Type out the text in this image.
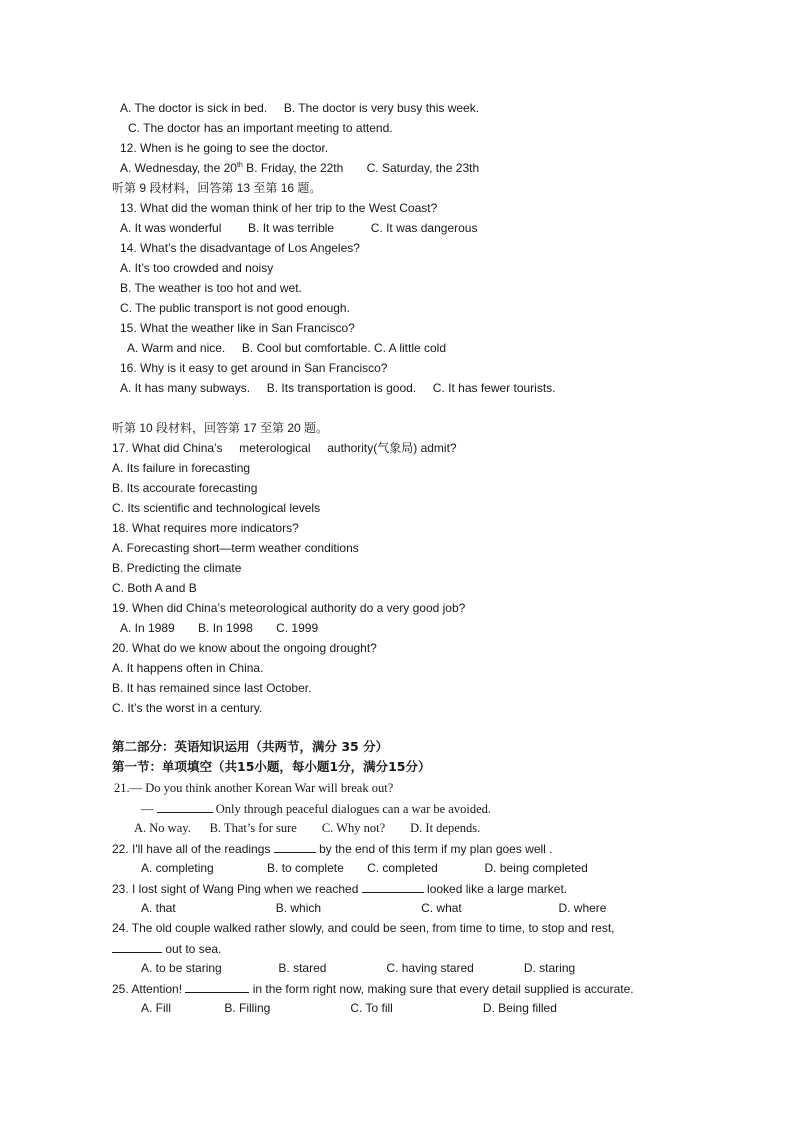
A. The doctor is sick in bed.     B. The doctor is very busy this week.
C. The doctor has an important meeting to attend.
12. When is he going to see the doctor.
A. Wednesday, the 20th B. Friday, the 22th       C. Saturday, the 23th
听第 9 段材料，回答第 13 至第 16 题。
13. What did the woman think of her trip to the West Coast?
A. It was wonderful        B. It was terrible           C. It was dangerous
14. What’s the disadvantage of Los Angeles?
A. It’s too crowded and noisy
B. The weather is too hot and wet.
C. The public transport is not good enough.
15. What the weather like in San Francisco?
A. Warm and nice.     B. Cool but comfortable. C. A little cold
16. Why is it easy to get around in San Francisco?
A. It has many subways.     B. Its transportation is good.     C. It has fewer tourists.
听第 10 段材料，回答第 17 至第 20 题。
17. What did China’s     meterological     authority(气象局) admit?
A. Its failure in forecasting
B. Its accourate forecasting
C. Its scientific and technological levels
18. What requires more indicators?
A. Forecasting short—term weather conditions
B. Predicting the climate
C. Both A and B
19. When did China’s meteorological authority do a very good job?
A. In 1989       B. In 1998       C. 1999
20. What do we know about the ongoing drought?
A. It happens often in China.
B. It has remained since last October.
C. It’s the worst in a century.
第二部分：英语知识运用（共两节，满分 35 分）
第一节：单项填空（共15小题，每小题1分，满分15分）
21.— Do you think another Korean War will break out?
—	Only through peaceful dialogues can a war be avoided.
A. No way.      B. That’s for sure        C. Why not?        D. It depends.
22. I'll have all of the readings	by the end of this term if my plan goes well .
A. completing                B. to complete       C. completed              D. being completed
23. I lost sight of Wang Ping when we reached	looked like a large market.
A. that                              B. which                              C. what                             D. where
24. The old couple walked rather slowly, and could be seen, from time to time, to stop and rest,
out to sea.
A. to be staring                 B. stared                  C. having stared               D. staring
25. Attention!	in the form right now, making sure that every detail supplied is accurate.
A. Fill                B. Filling                        C. To fill                           D. Being filled
